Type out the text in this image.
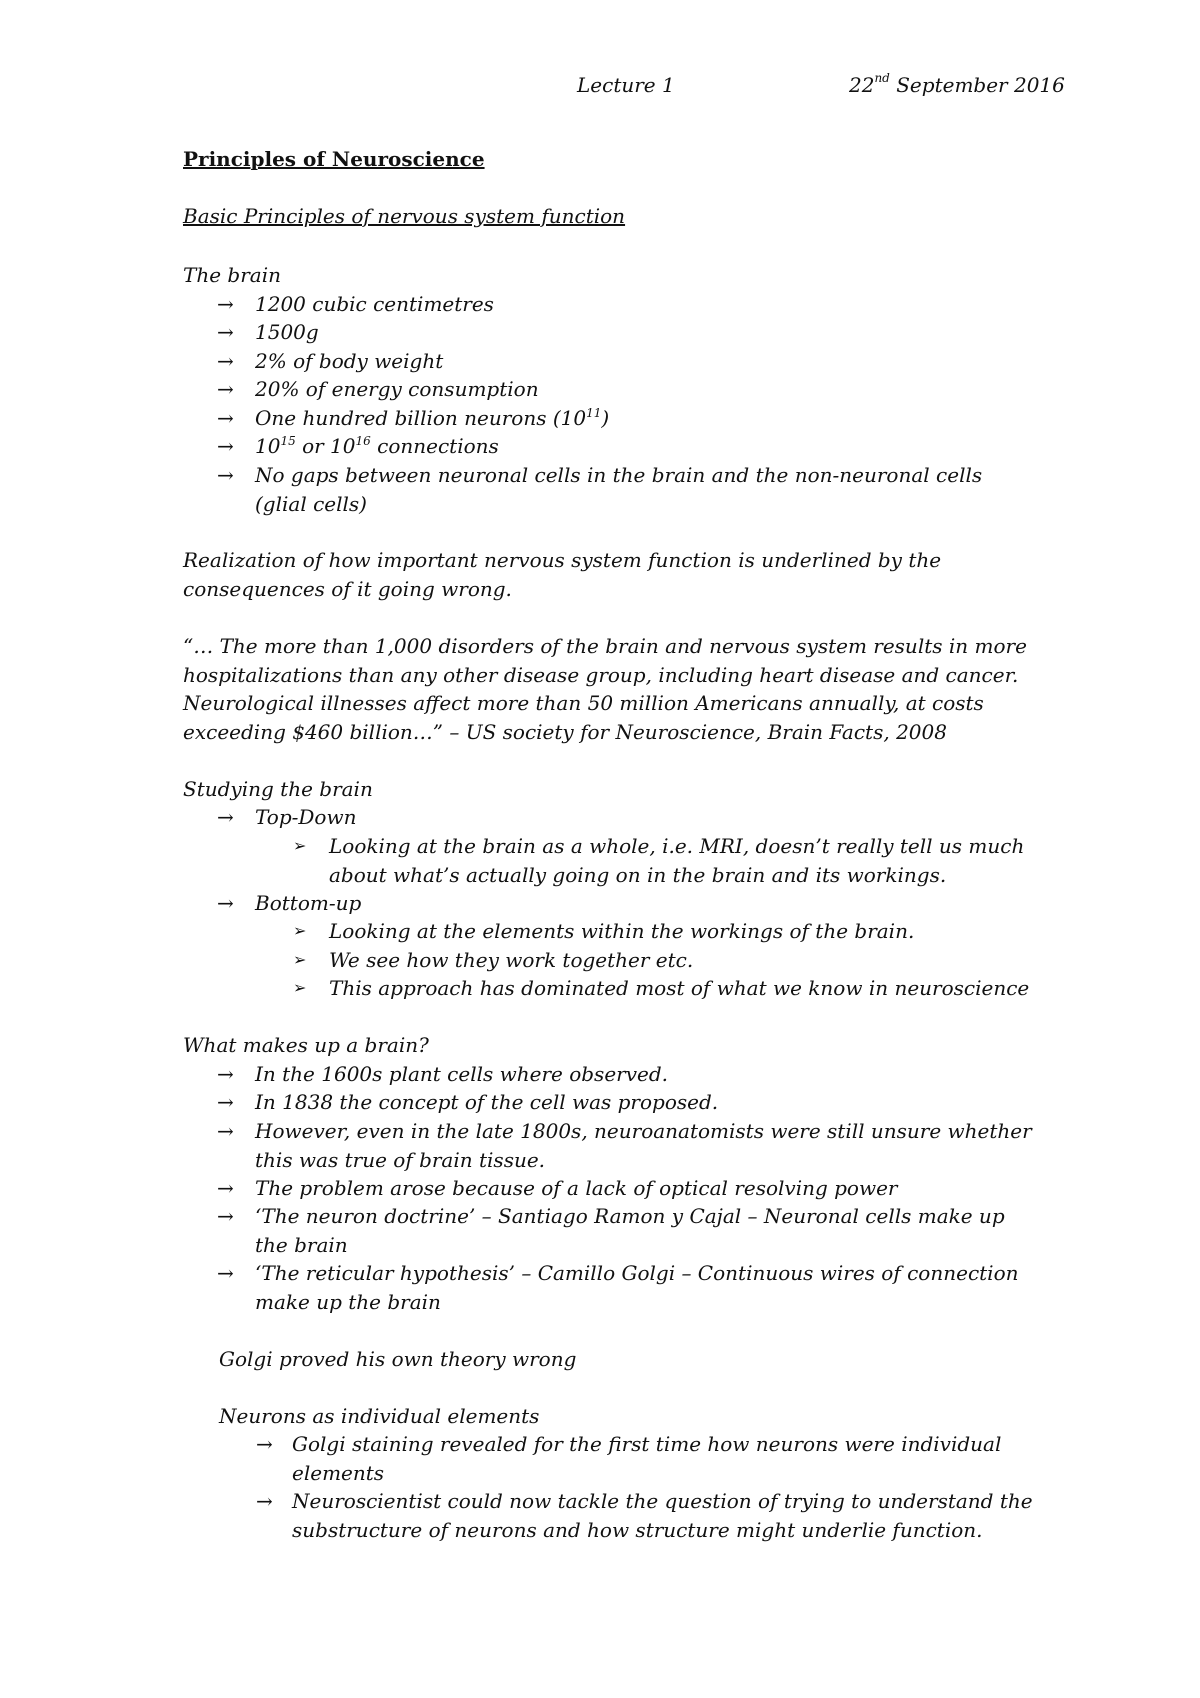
Lecture 1	22nd September 2016
Principles of Neuroscience
Basic Principles of nervous system function
The brain
→ 1200 cubic centimetres
→ 1500g
→ 2% of body weight
→ 20% of energy consumption
→ One hundred billion neurons $(10^{11})$
→ $10^{15}$ or $10^{16}$ connections
→ No gaps between neuronal cells in the brain and the non-neuronal cells
(glial cells)
Realization of how important nervous system function is underlined by the
consequences of it going wrong.
“… The more than 1,000 disorders of the brain and nervous system results in more
hospitalizations than any other disease group, including heart disease and cancer.
Neurological illnesses affect more than 50 million Americans annually, at costs
exceeding $460 billion…” – US society for Neuroscience, Brain Facts, 2008
Studying the brain
→ Top-Down
➢ Looking at the brain as a whole, i.e. MRI, doesn’t really tell us much
about what’s actually going on in the brain and its workings.
→ Bottom-up
➢ Looking at the elements within the workings of the brain.
➢ We see how they work together etc.
➢ This approach has dominated most of what we know in neuroscience
What makes up a brain?
→ In the 1600s plant cells where observed.
→ In 1838 the concept of the cell was proposed.
→ However, even in the late 1800s, neuroanatomists were still unsure whether
this was true of brain tissue.
→ The problem arose because of a lack of optical resolving power
→ ‘The neuron doctrine’ – Santiago Ramon y Cajal – Neuronal cells make up
the brain
→ ‘The reticular hypothesis’ – Camillo Golgi – Continuous wires of connection
make up the brain
Golgi proved his own theory wrong
Neurons as individual elements
→ Golgi staining revealed for the first time how neurons were individual
elements
→ Neuroscientist could now tackle the question of trying to understand the
substructure of neurons and how structure might underlie function.
